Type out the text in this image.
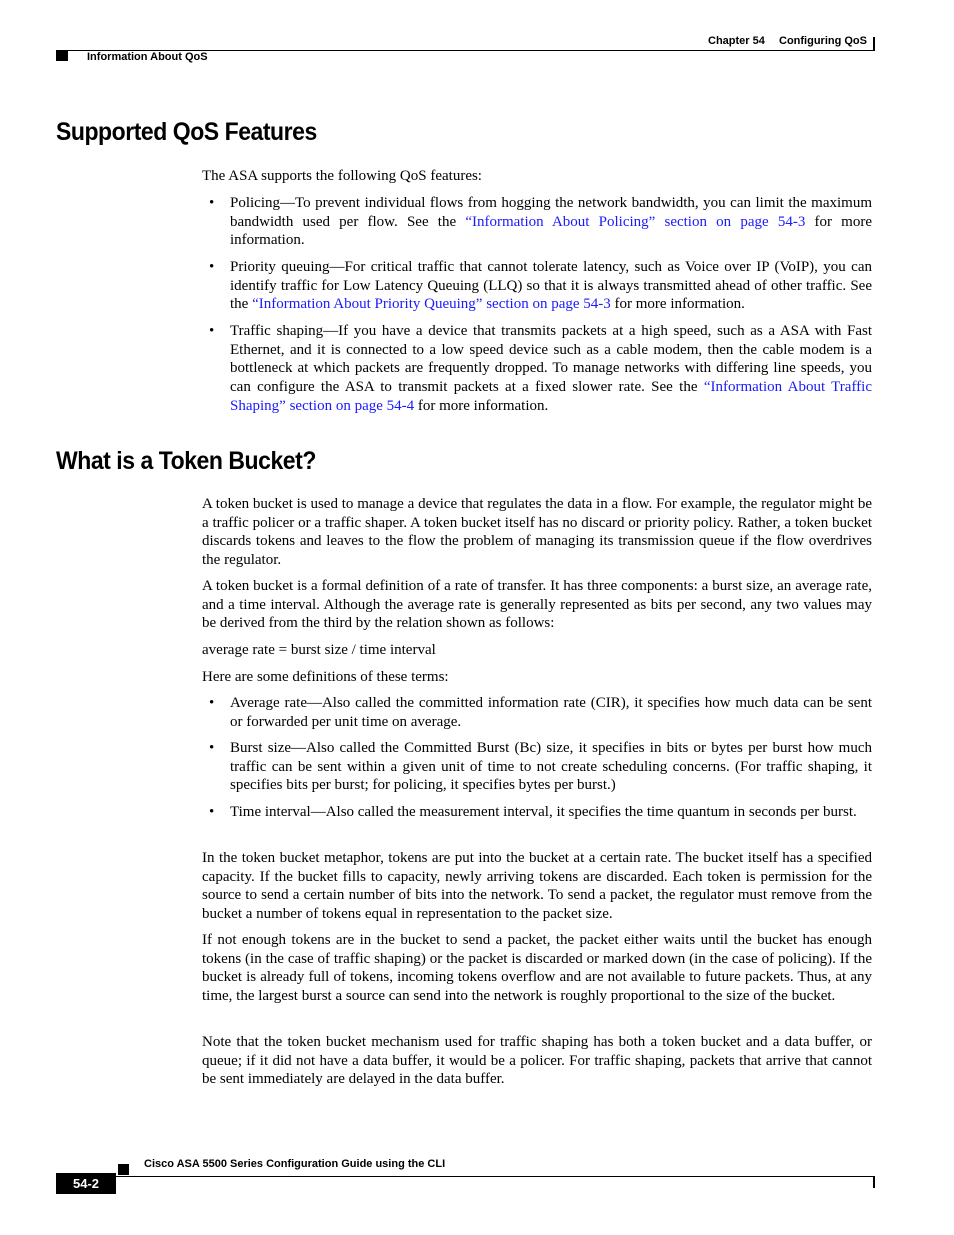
Chapter 54 Configuring QoS
Information About QoS
Supported QoS Features

The ASA supports the following QoS features:

• Policing—To prevent individual flows from hogging the network bandwidth, you can limit the maximum bandwidth used per flow. See the “Information About Policing” section on page 54-3 for more information.
• Priority queuing—For critical traffic that cannot tolerate latency, such as Voice over IP (VoIP), you can identify traffic for Low Latency Queuing (LLQ) so that it is always transmitted ahead of other traffic. See the “Information About Priority Queuing” section on page 54-3 for more information.
• Traffic shaping—If you have a device that transmits packets at a high speed, such as a ASA with Fast Ethernet, and it is connected to a low speed device such as a cable modem, then the cable modem is a bottleneck at which packets are frequently dropped. To manage networks with differing line speeds, you can configure the ASA to transmit packets at a fixed slower rate. See the “Information About Traffic Shaping” section on page 54-4 for more information.
What is a Token Bucket?

A token bucket is used to manage a device that regulates the data in a flow. For example, the regulator might be a traffic policer or a traffic shaper. A token bucket itself has no discard or priority policy. Rather, a token bucket discards tokens and leaves to the flow the problem of managing its transmission queue if the flow overdrives the regulator.

A token bucket is a formal definition of a rate of transfer. It has three components: a burst size, an average rate, and a time interval. Although the average rate is generally represented as bits per second, any two values may be derived from the third by the relation shown as follows:

average rate = burst size / time interval

Here are some definitions of these terms:

• Average rate—Also called the committed information rate (CIR), it specifies how much data can be sent or forwarded per unit time on average.
• Burst size—Also called the Committed Burst (Bc) size, it specifies in bits or bytes per burst how much traffic can be sent within a given unit of time to not create scheduling concerns. (For traffic shaping, it specifies bits per burst; for policing, it specifies bytes per burst.)
• Time interval—Also called the measurement interval, it specifies the time quantum in seconds per burst.

In the token bucket metaphor, tokens are put into the bucket at a certain rate. The bucket itself has a specified capacity. If the bucket fills to capacity, newly arriving tokens are discarded. Each token is permission for the source to send a certain number of bits into the network. To send a packet, the regulator must remove from the bucket a number of tokens equal in representation to the packet size.

If not enough tokens are in the bucket to send a packet, the packet either waits until the bucket has enough tokens (in the case of traffic shaping) or the packet is discarded or marked down (in the case of policing). If the bucket is already full of tokens, incoming tokens overflow and are not available to future packets. Thus, at any time, the largest burst a source can send into the network is roughly proportional to the size of the bucket.

Note that the token bucket mechanism used for traffic shaping has both a token bucket and a data buffer, or queue; if it did not have a data buffer, it would be a policer. For traffic shaping, packets that arrive that cannot be sent immediately are delayed in the data buffer.

Cisco ASA 5500 Series Configuration Guide using the CLI
54-2
